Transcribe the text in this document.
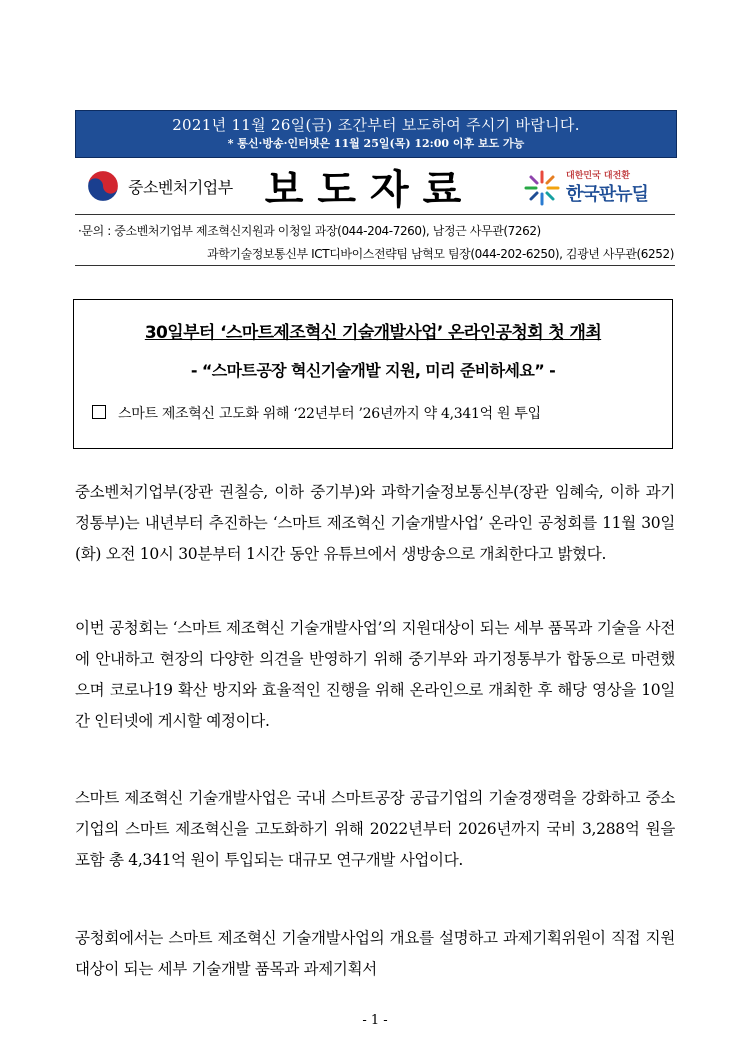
2021년 11월 26일(금) 조간부터 보도하여 주시기 바랍니다.
* 통신·방송·인터넷은 11월 25일(목) 12:00 이후 보도 가능
중소벤처기업부 보도자료	대한민국 대전환
한국판뉴딜
·문의 : 중소벤처기업부 제조혁신지원과 이청일 과장(044-204-7260), 남정근 사무관(7262)
과학기술정보통신부 ICT디바이스전략팀 남혁모 팀장(044-202-6250), 김광년 사무관(6252)
30일부터 ‘스마트제조혁신 기술개발사업’ 온라인공청회 첫 개최
- “스마트공장 혁신기술개발 지원, 미리 준비하세요” -
스마트 제조혁신 고도화 위해 ‘22년부터 ’26년까지 약 4,341억 원 투입
중소벤처기업부(장관 권칠승, 이하 중기부)와 과학기술정보통신부(장관 임혜숙, 이하 과기정통부)는 내년부터 추진하는 ‘스마트 제조혁신 기술개발사업’ 온라인 공청회를 11월 30일(화) 오전 10시 30분부터 1시간 동안 유튜브에서 생방송으로 개최한다고 밝혔다.
이번 공청회는 ‘스마트 제조혁신 기술개발사업’의 지원대상이 되는 세부 품목과 기술을 사전에 안내하고 현장의 다양한 의견을 반영하기 위해 중기부와 과기정통부가 합동으로 마련했으며 코로나19 확산 방지와 효율적인 진행을 위해 온라인으로 개최한 후 해당 영상을 10일간 인터넷에 게시할 예정이다.
스마트 제조혁신 기술개발사업은 국내 스마트공장 공급기업의 기술경쟁력을 강화하고 중소기업의 스마트 제조혁신을 고도화하기 위해 2022년부터 2026년까지 국비 3,288억 원을 포함 총 4,341억 원이 투입되는 대규모 연구개발 사업이다.
공청회에서는 스마트 제조혁신 기술개발사업의 개요를 설명하고 과제기획위원이 직접 지원대상이 되는 세부 기술개발 품목과 과제기획서
- 1 -
